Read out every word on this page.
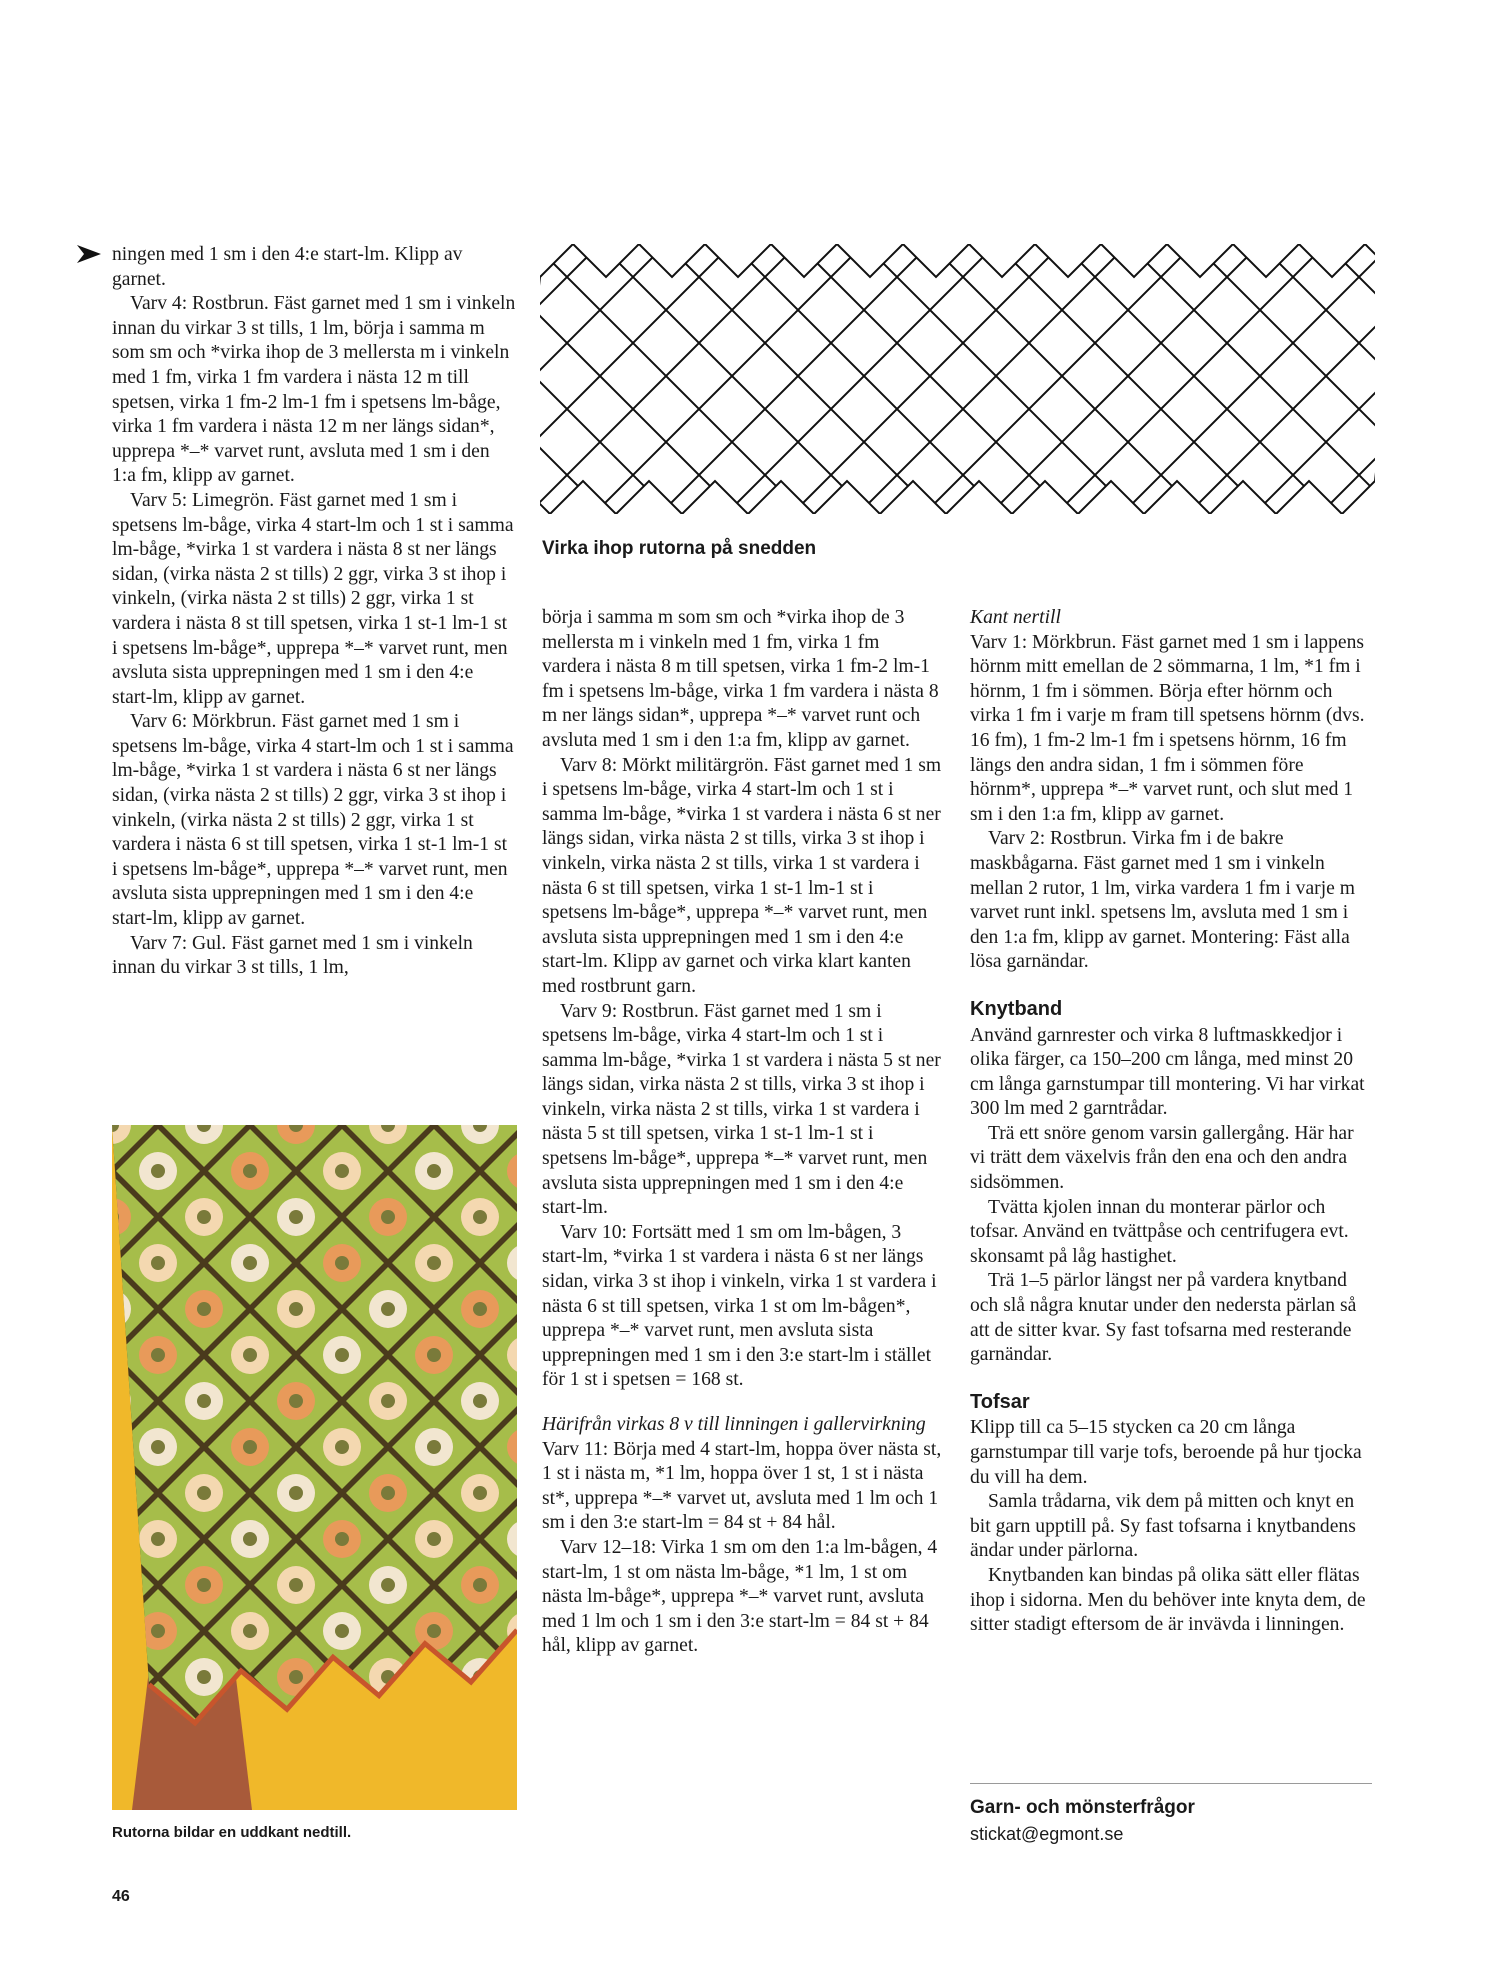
ningen med 1 sm i den 4:e start-lm. Klipp av garnet.

Varv 4: Rostbrun. Fäst garnet med 1 sm i vinkeln innan du virkar 3 st tills, 1 lm, börja i samma m som sm och *virka ihop de 3 mellersta m i vinkeln med 1 fm, virka 1 fm vardera i nästa 12 m till spetsen, virka 1 fm-2 lm-1 fm i spetsens lm-båge, virka 1 fm vardera i nästa 12 m ner längs sidan*, upprepa *–* varvet runt, avsluta med 1 sm i den 1:a fm, klipp av garnet.

Varv 5: Limegrön. Fäst garnet med 1 sm i spetsens lm-båge, virka 4 start-lm och 1 st i samma lm-båge, *virka 1 st vardera i nästa 8 st ner längs sidan, (virka nästa 2 st tills) 2 ggr, virka 3 st ihop i vinkeln, (virka nästa 2 st tills) 2 ggr, virka 1 st vardera i nästa 8 st till spetsen, virka 1 st-1 lm-1 st i spetsens lm-båge*, upprepa *–* varvet runt, men avsluta sista upprepningen med 1 sm i den 4:e start-lm, klipp av garnet.

Varv 6: Mörkbrun. Fäst garnet med 1 sm i spetsens lm-båge, virka 4 start-lm och 1 st i samma lm-båge, *virka 1 st vardera i nästa 6 st ner längs sidan, (virka nästa 2 st tills) 2 ggr, virka 3 st ihop i vinkeln, (virka nästa 2 st tills) 2 ggr, virka 1 st vardera i nästa 6 st till spetsen, virka 1 st-1 lm-1 st i spetsens lm-båge*, upprepa *–* varvet runt, men avsluta sista upprepningen med 1 sm i den 4:e start-lm, klipp av garnet.

Varv 7: Gul. Fäst garnet med 1 sm i vinkeln innan du virkar 3 st tills, 1 lm,

Virka ihop rutorna på snedden
Rutorna bildar en uddkant nedtill.

börja i samma m som sm och *virka ihop de 3 mellersta m i vinkeln med 1 fm, virka 1 fm vardera i nästa 8 m till spetsen, virka 1 fm-2 lm-1 fm i spetsens lm-båge, virka 1 fm vardera i nästa 8 m ner längs sidan*, upprepa *–* varvet runt och avsluta med 1 sm i den 1:a fm, klipp av garnet.

Varv 8: Mörkt militärgrön. Fäst garnet med 1 sm i spetsens lm-båge, virka 4 start-lm och 1 st i samma lm-båge, *virka 1 st vardera i nästa 6 st ner längs sidan, virka nästa 2 st tills, virka 3 st ihop i vinkeln, virka nästa 2 st tills, virka 1 st vardera i nästa 6 st till spetsen, virka 1 st-1 lm-1 st i spetsens lm-båge*, upprepa *–* varvet runt, men avsluta sista upprepningen med 1 sm i den 4:e start-lm. Klipp av garnet och virka klart kanten med rostbrunt garn.

Varv 9: Rostbrun. Fäst garnet med 1 sm i spetsens lm-båge, virka 4 start-lm och 1 st i samma lm-båge, *virka 1 st vardera i nästa 5 st ner längs sidan, virka nästa 2 st tills, virka 3 st ihop i vinkeln, virka nästa 2 st tills, virka 1 st vardera i nästa 5 st till spetsen, virka 1 st-1 lm-1 st i spetsens lm-båge*, upprepa *–* varvet runt, men avsluta sista upprepningen med 1 sm i den 4:e start-lm.

Varv 10: Fortsätt med 1 sm om lm-bågen, 3 start-lm, *virka 1 st vardera i nästa 6 st ner längs sidan, virka 3 st ihop i vinkeln, virka 1 st vardera i nästa 6 st till spetsen, virka 1 st om lm-bågen*, upprepa *–* varvet runt, men avsluta sista upprepningen med 1 sm i den 3:e start-lm i stället för 1 st i spetsen = 168 st.

Härifrån virkas 8 v till linningen i gallervirkning

Varv 11: Börja med 4 start-lm, hoppa över nästa st, 1 st i nästa m, *1 lm, hoppa över 1 st, 1 st i nästa st*, upprepa *–* varvet ut, avsluta med 1 lm och 1 sm i den 3:e start-lm = 84 st + 84 hål.

Varv 12–18: Virka 1 sm om den 1:a lm-bågen, 4 start-lm, 1 st om nästa lm-båge, *1 lm, 1 st om nästa lm-båge*, upprepa *–* varvet runt, avsluta med 1 lm och 1 sm i den 3:e start-lm = 84 st + 84 hål, klipp av garnet.

Kant nertill

Varv 1: Mörkbrun. Fäst garnet med 1 sm i lappens hörnm mitt emellan de 2 sömmarna, 1 lm, *1 fm i hörnm, 1 fm i sömmen. Börja efter hörnm och virka 1 fm i varje m fram till spetsens hörnm (dvs. 16 fm), 1 fm-2 lm-1 fm i spetsens hörnm, 16 fm längs den andra sidan, 1 fm i sömmen före hörnm*, upprepa *–* varvet runt, och slut med 1 sm i den 1:a fm, klipp av garnet.

Varv 2: Rostbrun. Virka fm i de bakre maskbågarna. Fäst garnet med 1 sm i vinkeln mellan 2 rutor, 1 lm, virka vardera 1 fm i varje m varvet runt inkl. spetsens lm, avsluta med 1 sm i den 1:a fm, klipp av garnet. Montering: Fäst alla lösa garnändar.

Knytband

Använd garnrester och virka 8 luftmaskkedjor i olika färger, ca 150–200 cm långa, med minst 20 cm långa garnstumpar till montering. Vi har virkat 300 lm med 2 garntrådar.

Trä ett snöre genom varsin gallergång. Här har vi trätt dem växelvis från den ena och den andra sidsömmen.

Tvätta kjolen innan du monterar pärlor och tofsar. Använd en tvättpåse och centrifugera evt. skonsamt på låg hastighet.

Trä 1–5 pärlor längst ner på vardera knytband och slå några knutar under den nedersta pärlan så att de sitter kvar. Sy fast tofsarna med resterande garnändar.

Tofsar

Klipp till ca 5–15 stycken ca 20 cm långa garnstumpar till varje tofs, beroende på hur tjocka du vill ha dem.

Samla trådarna, vik dem på mitten och knyt en bit garn upptill på. Sy fast tofsarna i knytbandens ändar under pärlorna.

Knytbanden kan bindas på olika sätt eller flätas ihop i sidorna. Men du behöver inte knyta dem, de sitter stadigt eftersom de är invävda i linningen.

Garn- och mönsterfrågor
stickat@egmont.se
46
